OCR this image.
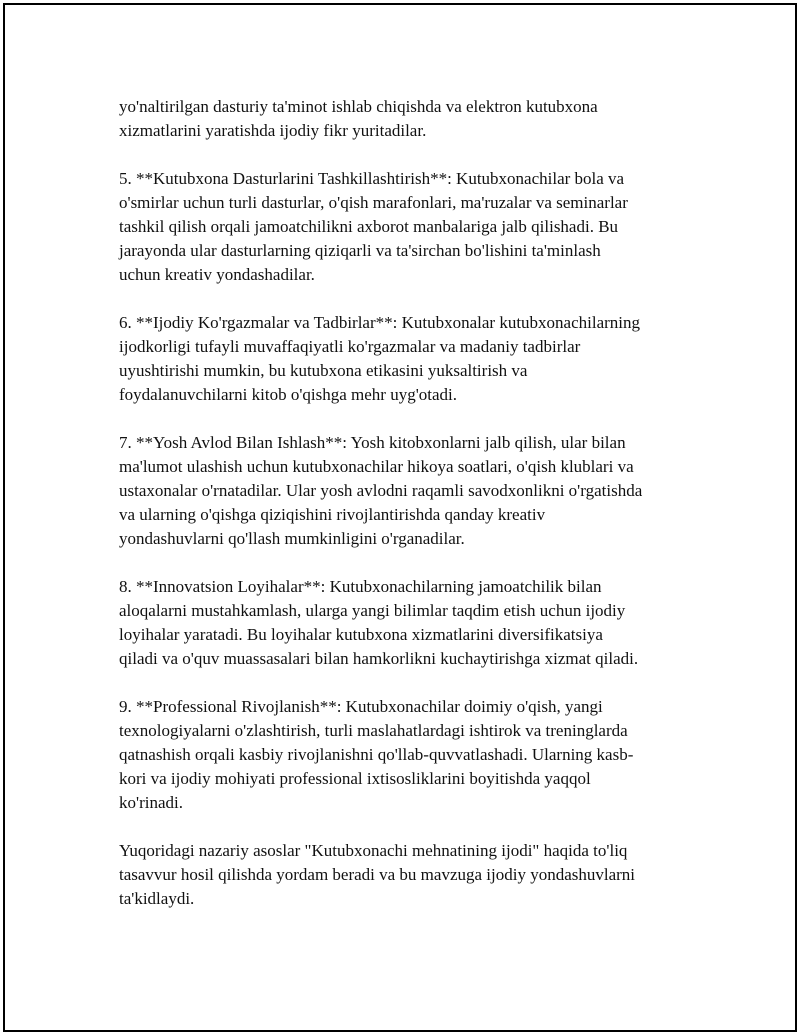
yo'naltirilgan dasturiy ta'minot ishlab chiqishda va elektron kutubxona
xizmatlarini yaratishda ijodiy fikr yuritadilar.

5. **Kutubxona Dasturlarini Tashkillashtirish**: Kutubxonachilar bola va
o'smirlar uchun turli dasturlar, o'qish marafonlari, ma'ruzalar va seminarlar
tashkil qilish orqali jamoatchilikni axborot manbalariga jalb qilishadi. Bu
jarayonda ular dasturlarning qiziqarli va ta'sirchan bo'lishini ta'minlash
uchun kreativ yondashadilar.

6. **Ijodiy Ko'rgazmalar va Tadbirlar**: Kutubxonalar kutubxonachilarning
ijodkorligi tufayli muvaffaqiyatli ko'rgazmalar va madaniy tadbirlar
uyushtirishi mumkin, bu kutubxona etikasini yuksaltirish va
foydalanuvchilarni kitob o'qishga mehr uyg'otadi.

7. **Yosh Avlod Bilan Ishlash**: Yosh kitobxonlarni jalb qilish, ular bilan
ma'lumot ulashish uchun kutubxonachilar hikoya soatlari, o'qish klublari va
ustaxonalar o'rnatadilar. Ular yosh avlodni raqamli savodxonlikni o'rgatishda
va ularning o'qishga qiziqishini rivojlantirishda qanday kreativ
yondashuvlarni qo'llash mumkinligini o'rganadilar.

8. **Innovatsion Loyihalar**: Kutubxonachilarning jamoatchilik bilan
aloqalarni mustahkamlash, ularga yangi bilimlar taqdim etish uchun ijodiy
loyihalar yaratadi. Bu loyihalar kutubxona xizmatlarini diversifikatsiya
qiladi va o'quv muassasalari bilan hamkorlikni kuchaytirishga xizmat qiladi.

9. **Professional Rivojlanish**: Kutubxonachilar doimiy o'qish, yangi
texnologiyalarni o'zlashtirish, turli maslahatlardagi ishtirok va treninglarda
qatnashish orqali kasbiy rivojlanishni qo'llab-quvvatlashadi. Ularning kasb-
kori va ijodiy mohiyati professional ixtisosliklarini boyitishda yaqqol
ko'rinadi.

Yuqoridagi nazariy asoslar "Kutubxonachi mehnatining ijodi" haqida to'liq
tasavvur hosil qilishda yordam beradi va bu mavzuga ijodiy yondashuvlarni
ta'kidlaydi.
